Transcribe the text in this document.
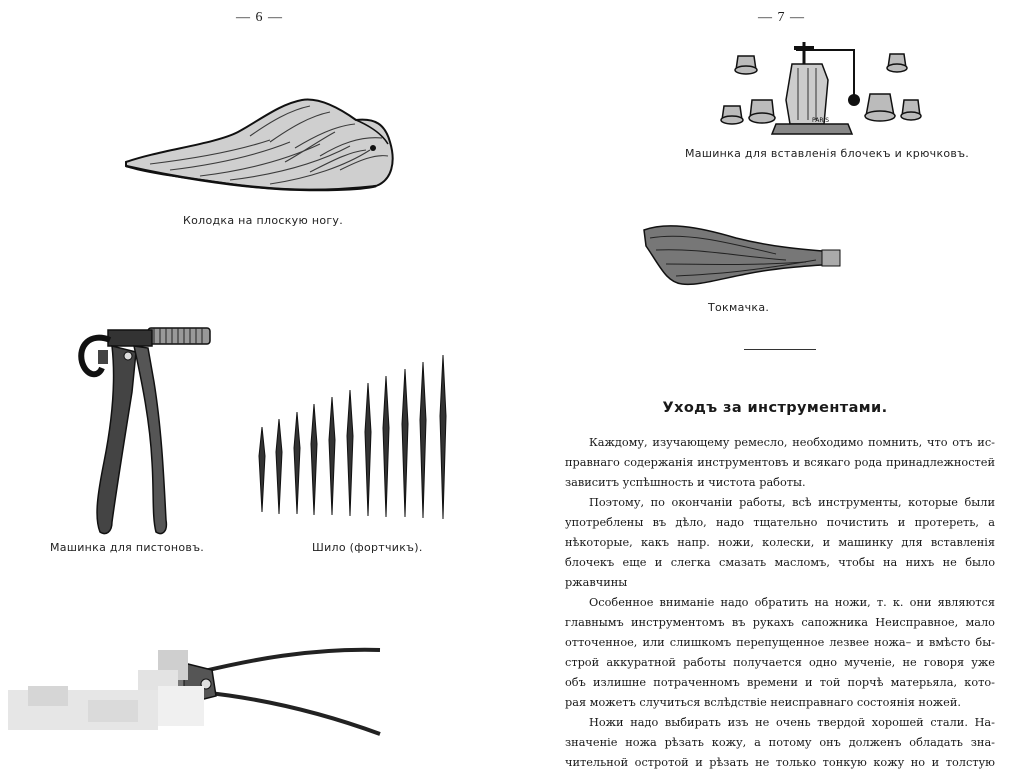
— 6 —	— 7 —
Колодка на плоскую ногу.
Машинка для пистоновъ.	Шило (фортчикъ).
PARIS
Машинка для вставленія блочекъ и крючковъ.
Токмачка.
Уходъ за инструментами.
Каждому, изучающему ремесло, необходимо помнить, что отъ ис-
правнаго содержанія инструментовъ и всякаго рода принадлежностей
зависитъ успѣшность и чистота работы.
Поэтому, по окончаніи работы, всѣ инструменты, которые были
употреблены въ дѣло, надо тщательно почистить и протереть, а
нѣкоторые, какъ напр. ножи, колески, и машинку для вставленія
блочекъ еще и слегка смазать масломъ, чтобы на нихъ не было
ржавчины
Особенное вниманіе надо обратить на ножи, т. к. они являются
главнымъ инструментомъ въ рукахъ сапожника Неисправное, мало
отточенное, или слишкомъ перепущенное лезвее ножа– и вмѣсто бы-
строй аккуратной работы получается одно мученіе, не говоря уже
объ излишне потраченномъ времени и той порчѣ матерьяла, кото-
рая можетъ случиться вслѣдствіе неисправнаго состоянія ножей.
Ножи надо выбирать изъ не очень твердой хорошей стали. На-
значеніе ножа рѣзать кожу, а потому онъ долженъ обладать зна-
чительной остротой и рѣзать не только тонкую кожу но и толстую
